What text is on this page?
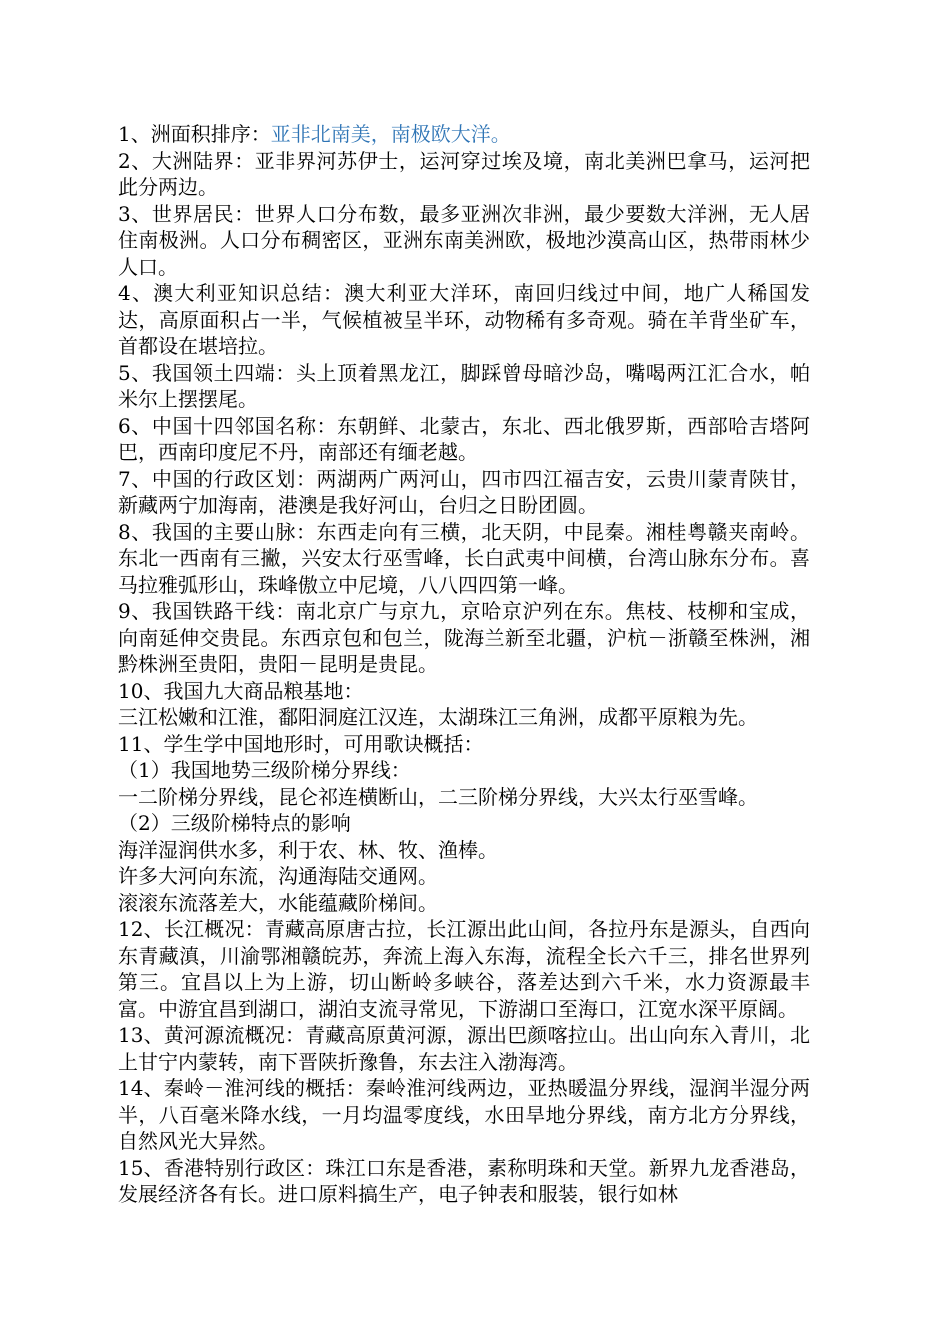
1、洲面积排序：亚非北南美，南极欧大洋。

2、大洲陆界：亚非界河苏伊士，运河穿过埃及境，南北美洲巴拿马，运河把此分两边。

3、世界居民：世界人口分布数，最多亚洲次非洲，最少要数大洋洲，无人居住南极洲。人口分布稠密区，亚洲东南美洲欧，极地沙漠高山区，热带雨林少人口。

4、澳大利亚知识总结：澳大利亚大洋环，南回归线过中间，地广人稀国发达，高原面积占一半，气候植被呈半环，动物稀有多奇观。骑在羊背坐矿车，首都设在堪培拉。

5、我国领土四端：头上顶着黑龙江，脚踩曾母暗沙岛，嘴喝两江汇合水，帕米尔上摆摆尾。

6、中国十四邻国名称：东朝鲜、北蒙古，东北、西北俄罗斯，西部哈吉塔阿巴，西南印度尼不丹，南部还有缅老越。

7、中国的行政区划：两湖两广两河山，四市四江福吉安，云贵川蒙青陕甘，新藏两宁加海南，港澳是我好河山，台归之日盼团圆。

8、我国的主要山脉：东西走向有三横，北天阴，中昆秦。湘桂粤赣夹南岭。东北一西南有三撇，兴安太行巫雪峰，长白武夷中间横，台湾山脉东分布。喜马拉雅弧形山，珠峰傲立中尼境，八八四四第一峰。

9、我国铁路干线：南北京广与京九，京哈京沪列在东。焦枝、枝柳和宝成，向南延伸交贵昆。东西京包和包兰，陇海兰新至北疆，沪杭－浙赣至株洲，湘黔株洲至贵阳，贵阳－昆明是贵昆。

10、我国九大商品粮基地：

三江松嫩和江淮，鄱阳洞庭江汉连，太湖珠江三角洲，成都平原粮为先。

11、学生学中国地形时，可用歌诀概括：

（1）我国地势三级阶梯分界线：

一二阶梯分界线，昆仑祁连横断山，二三阶梯分界线，大兴太行巫雪峰。

（2）三级阶梯特点的影响

海洋湿润供水多，利于农、林、牧、渔棒。

许多大河向东流，沟通海陆交通网。

滚滚东流落差大，水能蕴藏阶梯间。

12、长江概况：青藏高原唐古拉，长江源出此山间，各拉丹东是源头，自西向东青藏滇，川渝鄂湘赣皖苏，奔流上海入东海，流程全长六千三，排名世界列第三。宜昌以上为上游，切山断岭多峡谷，落差达到六千米，水力资源最丰富。中游宜昌到湖口，湖泊支流寻常见，下游湖口至海口，江宽水深平原阔。

13、黄河源流概况：青藏高原黄河源，源出巴颜喀拉山。出山向东入青川，北上甘宁内蒙转，南下晋陕折豫鲁，东去注入渤海湾。

14、秦岭－淮河线的概括：秦岭淮河线两边，亚热暖温分界线，湿润半湿分两半，八百毫米降水线，一月均温零度线，水田旱地分界线，南方北方分界线，自然风光大异然。

15、香港特别行政区：珠江口东是香港，素称明珠和天堂。新界九龙香港岛，发展经济各有长。进口原料搞生产，电子钟表和服装，银行如林
